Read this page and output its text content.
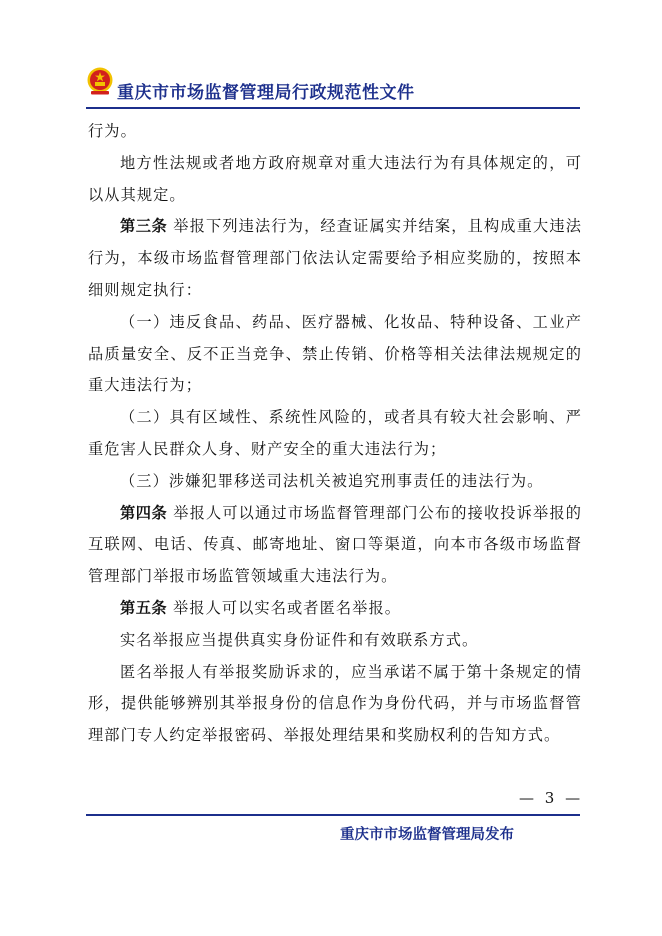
重庆市市场监督管理局行政规范性文件

行为。

地方性法规或者地方政府规章对重大违法行为有具体规定的，可以从其规定。

第三条 举报下列违法行为，经查证属实并结案，且构成重大违法行为，本级市场监督管理部门依法认定需要给予相应奖励的，按照本细则规定执行：

（一）违反食品、药品、医疗器械、化妆品、特种设备、工业产品质量安全、反不正当竞争、禁止传销、价格等相关法律法规规定的重大违法行为；

（二）具有区域性、系统性风险的，或者具有较大社会影响、严重危害人民群众人身、财产安全的重大违法行为；

（三）涉嫌犯罪移送司法机关被追究刑事责任的违法行为。

第四条 举报人可以通过市场监督管理部门公布的接收投诉举报的互联网、电话、传真、邮寄地址、窗口等渠道，向本市各级市场监督管理部门举报市场监管领域重大违法行为。

第五条 举报人可以实名或者匿名举报。

实名举报应当提供真实身份证件和有效联系方式。

匿名举报人有举报奖励诉求的，应当承诺不属于第十条规定的情形，提供能够辨别其举报身份的信息作为身份代码，并与市场监督管理部门专人约定举报密码、举报处理结果和奖励权利的告知方式。

— 3 —
重庆市市场监督管理局发布
